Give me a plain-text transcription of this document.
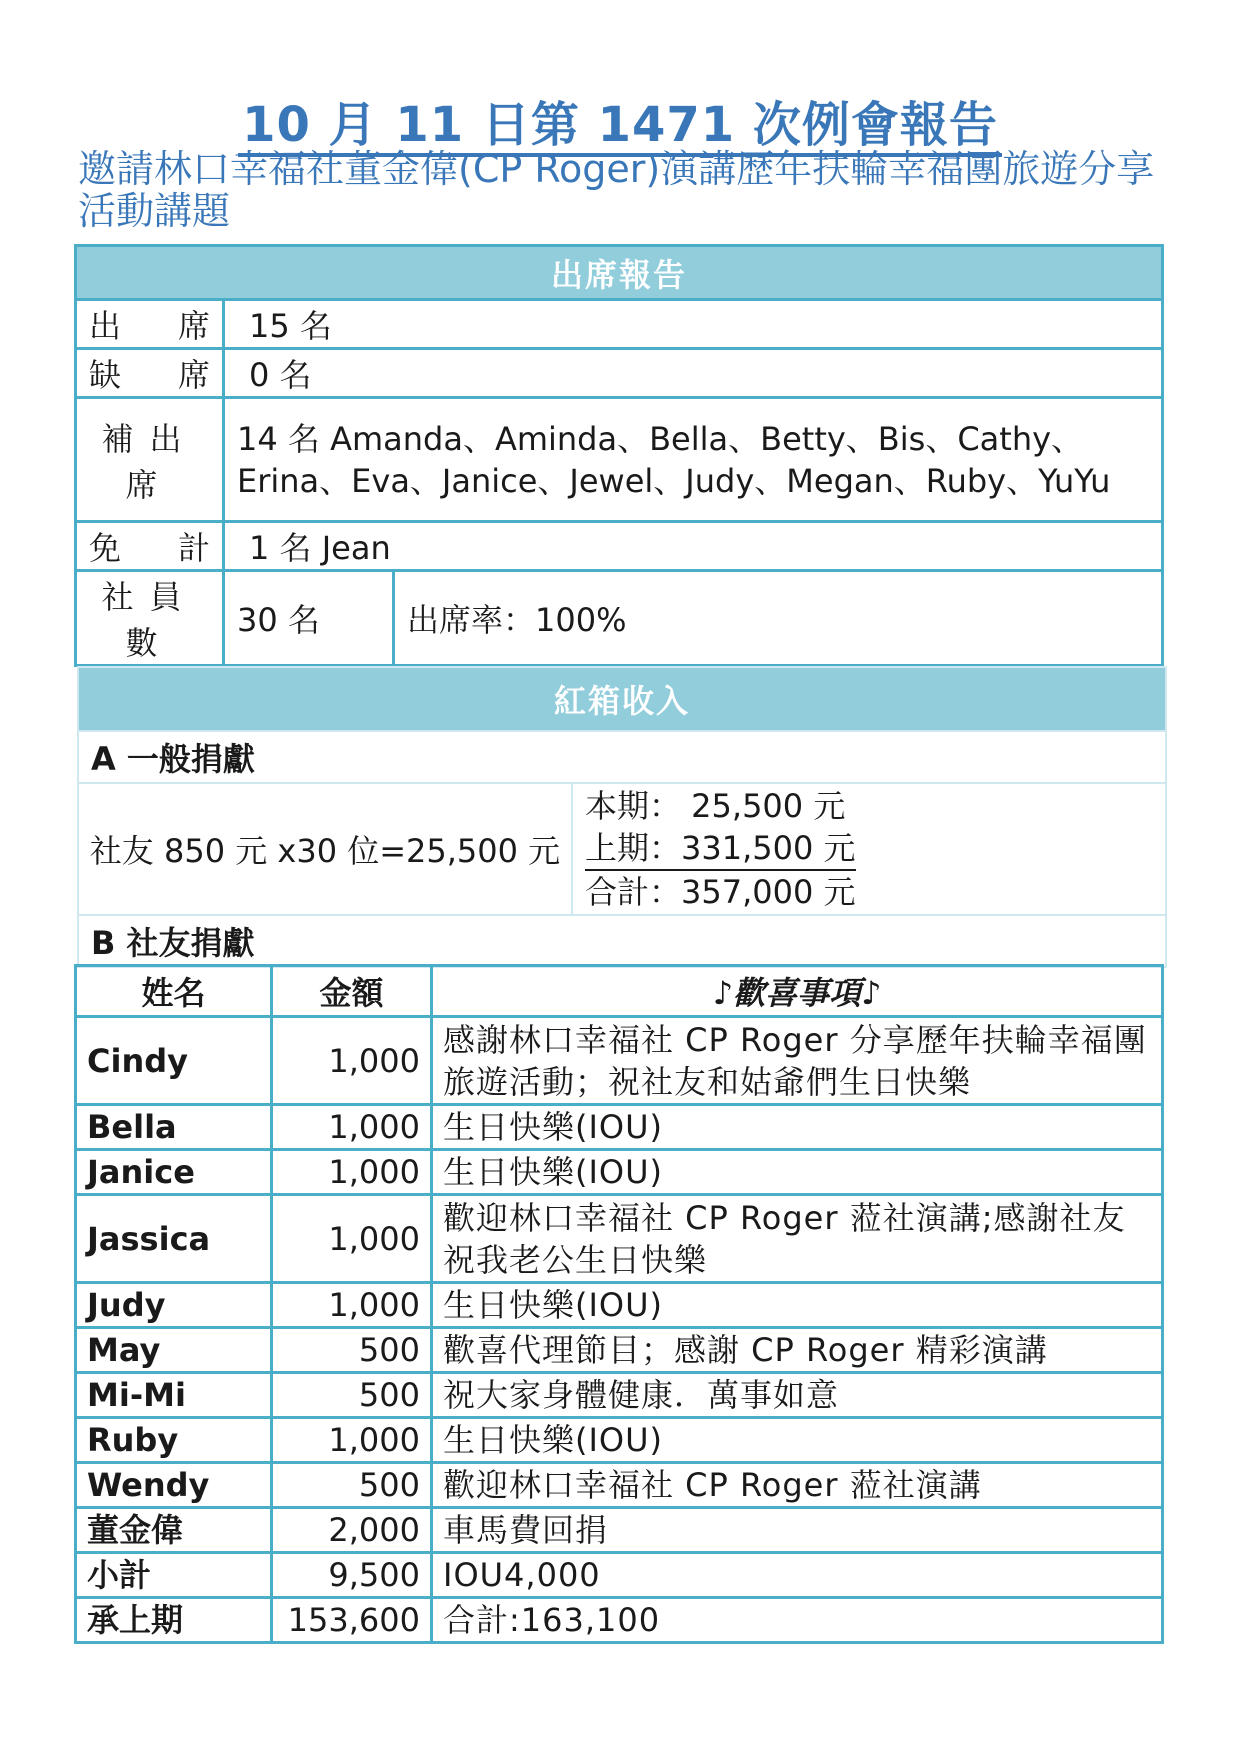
10 月 11 日第 1471 次例會報告
邀請林口幸福社董金偉(CP Roger)演講歷年扶輪幸福團旅遊分享活動講題
出席報告		

出 席	15 名	

缺 席	0 名	
補出席	14 名 Amanda、Aminda、Bella、Betty、Bis、Cathy、Erina、Eva、Janice、Jewel、Judy、Megan、Ruby、YuYu	

免 計	1 名 Jean	
社員數	30 名	出席率：100%
紅箱收入
A 一般捐獻
社友 850 元 x30 位=25,500 元	
本期： 25,500 元
上期：331,500 元
合計：357,000 元

B 社友捐獻
姓名	金額	♪歡喜事項♪
Cindy	1,000	感謝林口幸福社 CP Roger 分享歷年扶輪幸福團旅遊活動；祝社友和姑爺們生日快樂
Bella	1,000	生日快樂(IOU)
Janice	1,000	生日快樂(IOU)
Jassica	1,000	歡迎林口幸福社 CP Roger 蒞社演講;感謝社友祝我老公生日快樂
Judy	1,000	生日快樂(IOU)
May	500	歡喜代理節目；感謝 CP Roger 精彩演講
Mi-Mi	500	祝大家身體健康．萬事如意
Ruby	1,000	生日快樂(IOU)
Wendy	500	歡迎林口幸福社 CP Roger 蒞社演講
董金偉	2,000	車馬費回捐
小計	9,500	IOU4,000
承上期	153,600	合計:163,100
